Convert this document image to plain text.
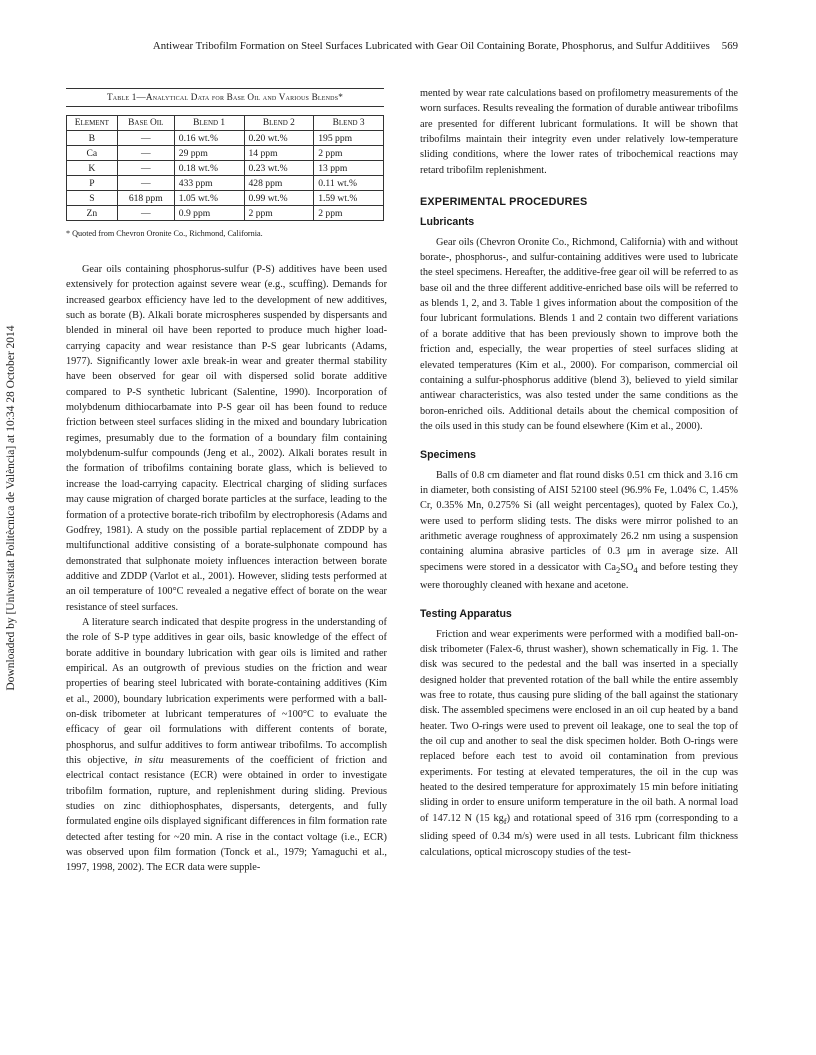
Antiwear Tribofilm Formation on Steel Surfaces Lubricated with Gear Oil Containing Borate, Phosphorus, and Sulfur Additiives 569
Downloaded by [Universitat Politècnica de València] at 10:34 28 October 2014
Table 1—Analytical Data for Base Oil and Various Blends*
Element	Base Oil	Blend 1	Blend 2	Blend 3
B	—	0.16 wt.%	0.20 wt.%	195 ppm
Ca	—	29 ppm	14 ppm	2 ppm
K	—	0.18 wt.%	0.23 wt.%	13 ppm
P	—	433 ppm	428 ppm	0.11 wt.%
S	618 ppm	1.05 wt.%	0.99 wt.%	1.59 wt.%
Zn	—	0.9 ppm	2 ppm	2 ppm
* Quoted from Chevron Oronite Co., Richmond, California.

Gear oils containing phosphorus-sulfur (P-S) additives have been used extensively for protection against severe wear (e.g., scuffing). Demands for increased gearbox efficiency have led to the development of new additives, such as borate (B). Alkali borate microspheres suspended by dispersants and blended in mineral oil have been reported to produce much higher load-carrying capacity and wear resistance than P-S gear lubricants (Adams, 1977). Significantly lower axle break-in wear and greater thermal stability have been observed for gear oil with dispersed solid borate additive compared to P-S synthetic lubricant (Salentine, 1990). Incorporation of molybdenum dithiocarbamate into P-S gear oil has been found to reduce friction between steel surfaces sliding in the mixed and boundary lubrication regimes, presumably due to the formation of a boundary film containing molybdenum-sulfur compounds (Jeng et al., 2002). Alkali borates result in the formation of tribofilms containing borate glass, which is believed to increase the load-carrying capacity. Electrical charging of sliding surfaces may cause migration of charged borate particles at the surface, leading to the formation of a protective borate-rich tribofilm by electrophoresis (Adams and Godfrey, 1981). A study on the possible partial replacement of ZDDP by a multifunctional additive consisting of a borate-sulphonate compound has demonstrated that sulphonate moiety influences interaction between borate additive and ZDDP (Varlot et al., 2001). However, sliding tests performed at an oil temperature of 100°C revealed a negative effect of borate on the wear resistance of steel surfaces.

A literature search indicated that despite progress in the understanding of the role of S-P type additives in gear oils, basic knowledge of the effect of borate additive in boundary lubrication with gear oils is limited and rather empirical. As an outgrowth of previous studies on the friction and wear properties of bearing steel lubricated with borate-containing additives (Kim et al., 2000), boundary lubrication experiments were performed with a ball-on-disk tribometer at lubricant temperatures of ~100°C to evaluate the efficacy of gear oil formulations with different contents of borate, phosphorus, and sulfur additives to form antiwear tribofilms. To accomplish this objective, in situ measurements of the coefficient of friction and electrical contact resistance (ECR) were obtained in order to investigate tribofilm formation, rupture, and replenishment during sliding. Previous studies on zinc dithiophosphates, dispersants, detergents, and fully formulated engine oils displayed significant differences in film formation rate detected after testing for ~20 min. A rise in the contact voltage (i.e., ECR) was observed upon film formation (Tonck et al., 1979; Yamaguchi et al., 1997, 1998, 2002). The ECR data were supple-

mented by wear rate calculations based on profilometry measurements of the worn surfaces. Results revealing the formation of durable antiwear tribofilms are presented for different lubricant formulations. It will be shown that tribofilms maintain their integrity even under relatively low-temperature sliding conditions, where the lower rates of tribochemical reactions may retard tribofilm replenishment.

EXPERIMENTAL PROCEDURES
Lubricants

Gear oils (Chevron Oronite Co., Richmond, California) with and without borate-, phosphorus-, and sulfur-containing additives were used to lubricate the steel specimens. Hereafter, the additive-free gear oil will be referred to as base oil and the three different additive-enriched base oils will be referred to as blends 1, 2, and 3. Table 1 gives information about the composition of the four lubricant formulations. Blends 1 and 2 contain two different variations of a borate additive that has been previously shown to improve both the friction and, especially, the wear properties of steel surfaces sliding at elevated temperatures (Kim et al., 2000). For comparison, commercial oil containing a sulfur-phosphorus additive (blend 3), believed to yield similar antiwear characteristics, was also tested under the same conditions as the boron-enriched oils. Additional details about the chemical composition of the oils used in this study can be found elsewhere (Kim et al., 2000).

Specimens

Balls of 0.8 cm diameter and flat round disks 0.51 cm thick and 3.16 cm in diameter, both consisting of AISI 52100 steel (96.9% Fe, 1.04% C, 1.45% Cr, 0.35% Mn, 0.275% Si (all weight percentages), quoted by Falex Co.), were used to perform sliding tests. The disks were mirror polished to an arithmetic average roughness of approximately 26.2 nm using a suspension containing alumina abrasive particles of 0.3 μm in average size. All specimens were stored in a dessicator with $Ca_2SO_4$ and before testing they were thoroughly cleaned with hexane and acetone.

Testing Apparatus

Friction and wear experiments were performed with a modified ball-on-disk tribometer (Falex-6, thrust washer), shown schematically in Fig. 1. The disk was secured to the pedestal and the ball was inserted in a specially designed holder that prevented rotation of the ball while the entire assembly was free to rotate, thus causing pure sliding of the ball against the stationary disk. The assembled specimens were enclosed in an oil cup heated by a band heater. Two O-rings were used to prevent oil leakage, one to seal the top of the oil cup and another to seal the disk specimen holder. Both O-rings were replaced before each test to avoid oil contamination from previous experiments. For testing at elevated temperatures, the oil in the cup was heated to the desired temperature for approximately 15 min before initiating sliding in order to ensure uniform temperature in the oil bath. A normal load of 147.12 N (15 $kg_f$) and rotational speed of 316 rpm (corresponding to a sliding speed of 0.34 m/s) were used in all tests. Lubricant film thickness calculations, optical microscopy studies of the test-
